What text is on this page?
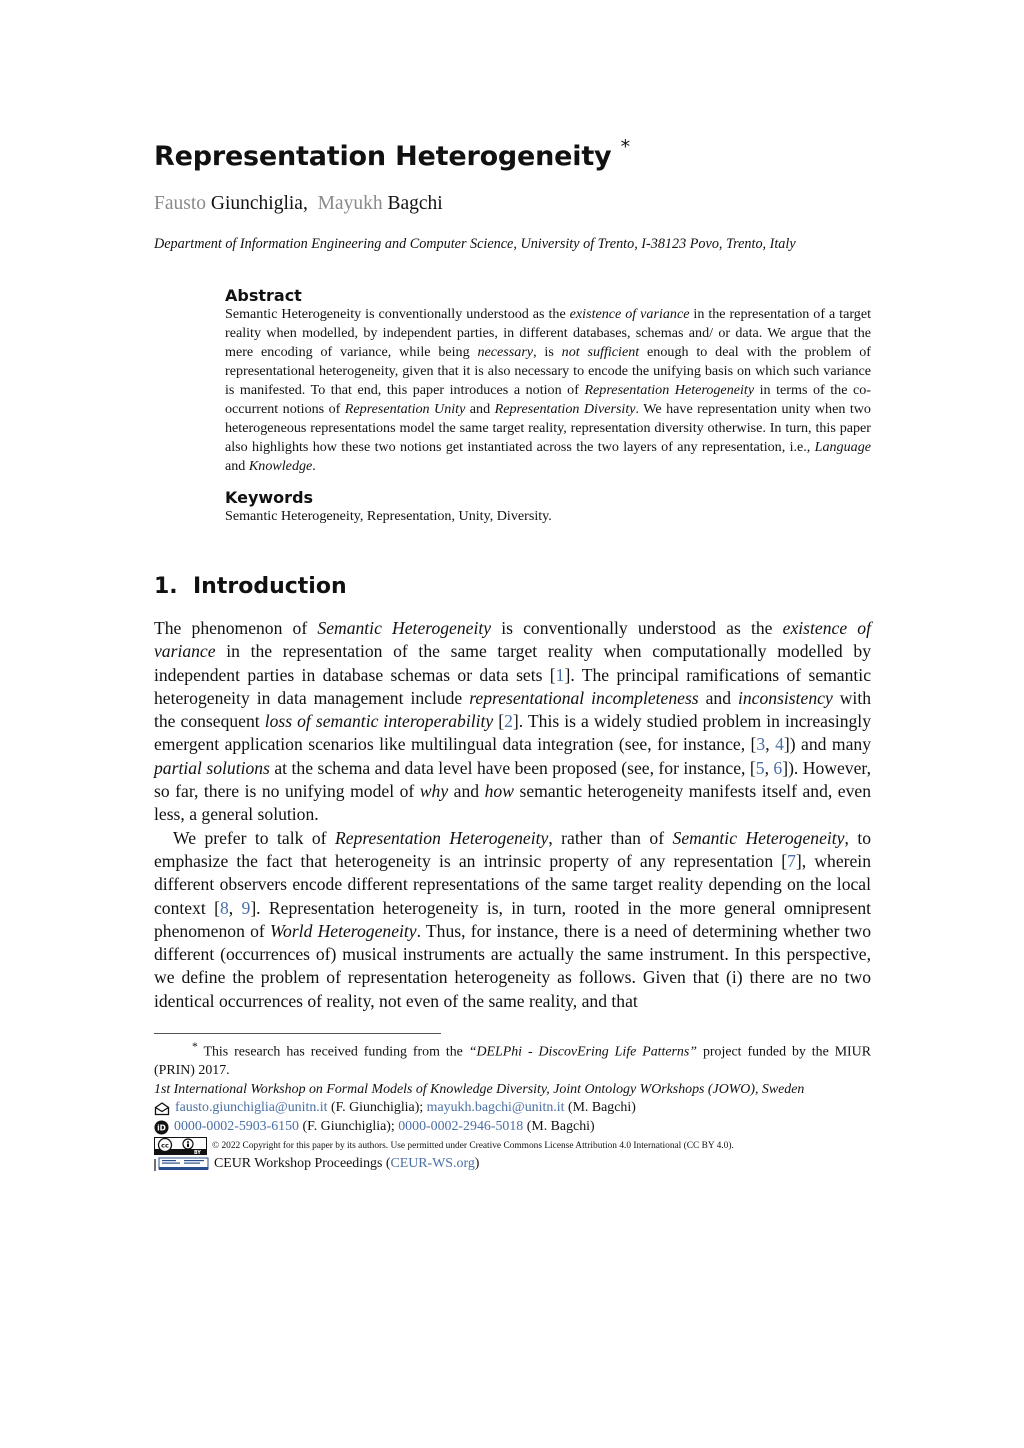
Representation Heterogeneity *
Fausto Giunchiglia, Mayukh Bagchi
Department of Information Engineering and Computer Science, University of Trento, I-38123 Povo, Trento, Italy
Abstract

Semantic Heterogeneity is conventionally understood as the existence of variance in the representation of a target reality when modelled, by independent parties, in different databases, schemas and/ or data. We argue that the mere encoding of variance, while being necessary, is not sufficient enough to deal with the problem of representational heterogeneity, given that it is also necessary to encode the unifying basis on which such variance is manifested. To that end, this paper introduces a notion of Representation Heterogeneity in terms of the co-occurrent notions of Representation Unity and Representation Diversity. We have representation unity when two heterogeneous representations model the same target reality, representation diversity otherwise. In turn, this paper also highlights how these two notions get instantiated across the two layers of any representation, i.e., Language and Knowledge.

Keywords

Semantic Heterogeneity, Representation, Unity, Diversity.

1. Introduction

The phenomenon of Semantic Heterogeneity is conventionally understood as the existence of variance in the representation of the same target reality when computationally modelled by independent parties in database schemas or data sets [1]. The principal ramifications of semantic heterogeneity in data management include representational incompleteness and inconsistency with the consequent loss of semantic interoperability [2]. This is a widely studied problem in increasingly emergent application scenarios like multilingual data integration (see, for instance, [3, 4]) and many partial solutions at the schema and data level have been proposed (see, for instance, [5, 6]). However, so far, there is no unifying model of why and how semantic heterogeneity manifests itself and, even less, a general solution.

We prefer to talk of Representation Heterogeneity, rather than of Semantic Heterogeneity, to emphasize the fact that heterogeneity is an intrinsic property of any representation [7], wherein different observers encode different representations of the same target reality depending on the local context [8, 9]. Representation heterogeneity is, in turn, rooted in the more general omnipresent phenomenon of World Heterogeneity. Thus, for instance, there is a need of determining whether two different (occurrences of) musical instruments are actually the same instrument. In this perspective, we define the problem of representation heterogeneity as follows. Given that (i) there are no two identical occurrences of reality, not even of the same reality, and that

* This research has received funding from the “DELPhi - DiscovEring Life Patterns” project funded by the MIUR (PRIN) 2017.

1st International Workshop on Formal Models of Knowledge Diversity, Joint Ontology WOrkshops (JOWO), Sweden

fausto.giunchiglia@unitn.it (F. Giunchiglia); mayukh.bagchi@unitn.it (M. Bagchi)
iD 0000-0002-5903-6150 (F. Giunchiglia); 0000-0002-2946-5018 (M. Bagchi)
cc
BY
© 2022 Copyright for this paper by its authors. Use permitted under Creative Commons License Attribution 4.0 International (CC BY 4.0).
CEUR Workshop Proceedings (CEUR-WS.org)
